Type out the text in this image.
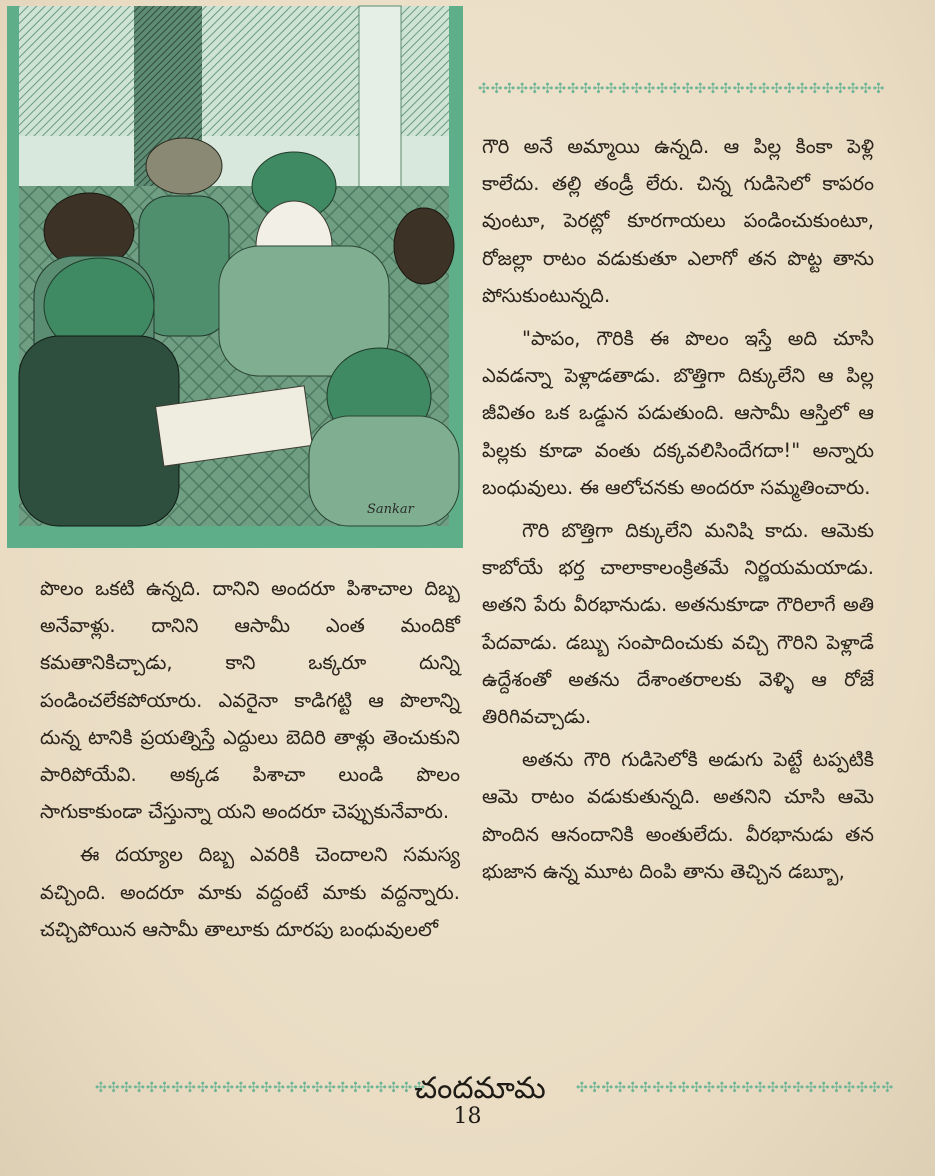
Sankar
✣✣✣✣✣✣✣✣✣✣✣✣✣✣✣✣✣✣✣✣✣✣✣✣✣✣✣✣✣✣✣✣

గౌరి అనే అమ్మాయి ఉన్నది. ఆ పిల్ల కింకా పెళ్లి కాలేదు. తల్లి తండ్రీ లేరు. చిన్న గుడిసెలో కాపరం వుంటూ, పెరట్లో కూరగాయలు పండించుకుంటూ, రోజల్లా రాటం వడుకుతూ ఎలాగో తన పొట్ట తాను పోసుకుంటున్నది.

"పాపం, గౌరికి ఈ పొలం ఇస్తే అది చూసి ఎవడన్నా పెళ్లాడతాడు. బొత్తిగా దిక్కులేని ఆ పిల్ల జీవితం ఒక ఒడ్డున పడుతుంది. ఆసామీ ఆస్తిలో ఆ పిల్లకు కూడా వంతు దక్కవలిసిందేగదా!" అన్నారు బంధువులు. ఈ ఆలోచనకు అందరూ సమ్మతించారు.

గౌరి బొత్తిగా దిక్కులేని మనిషి కాదు. ఆమెకు కాబోయే భర్త చాలాకాలంక్రితమే నిర్ణయమయాడు. అతని పేరు వీరభానుడు. అతనుకూడా గౌరిలాగే అతి పేదవాడు. డబ్బు సంపాదించుకు వచ్చి గౌరిని పెళ్లాడే ఉద్దేశంతో అతను దేశాంతరాలకు వెళ్ళి ఆ రోజే తిరిగివచ్చాడు.

అతను గౌరి గుడిసెలోకి అడుగు పెట్టే టప్పటికి ఆమె రాటం వడుకుతున్నది. అతనిని చూసి ఆమె పొందిన ఆనందానికి అంతులేదు. వీరభానుడు తన భుజాన ఉన్న మూట దింపి తాను తెచ్చిన డబ్బూ,

పొలం ఒకటి ఉన్నది. దానిని అందరూ పిశాచాల దిబ్బ అనేవాళ్లు. దానిని ఆసామీ ఎంత మందికో కమతానికిచ్చాడు, కాని ఒక్కరూ దున్ని పండించలేకపోయారు. ఎవరైనా కాడిగట్టి ఆ పొలాన్ని దున్న టానికి ప్రయత్నిస్తే ఎద్దులు బెదిరి తాళ్లు తెంచుకుని పారిపోయేవి. అక్కడ పిశాచా లుండి పొలం సాగుకాకుండా చేస్తున్నా యని అందరూ చెప్పుకునేవారు.

ఈ దయ్యాల దిబ్బ ఎవరికి చెందాలని సమస్య వచ్చింది. అందరూ మాకు వద్దంటే మాకు వద్దన్నారు. చచ్చిపోయిన ఆసామీ తాలూకు దూరపు బంధువులలో

✣✣✣✣✣✣✣✣✣✣✣✣✣✣✣✣✣✣✣✣✣✣✣✣✣✣
చందమామ	✣✣✣✣✣✣✣✣✣✣✣✣✣✣✣✣✣✣✣✣✣✣✣✣✣
18
